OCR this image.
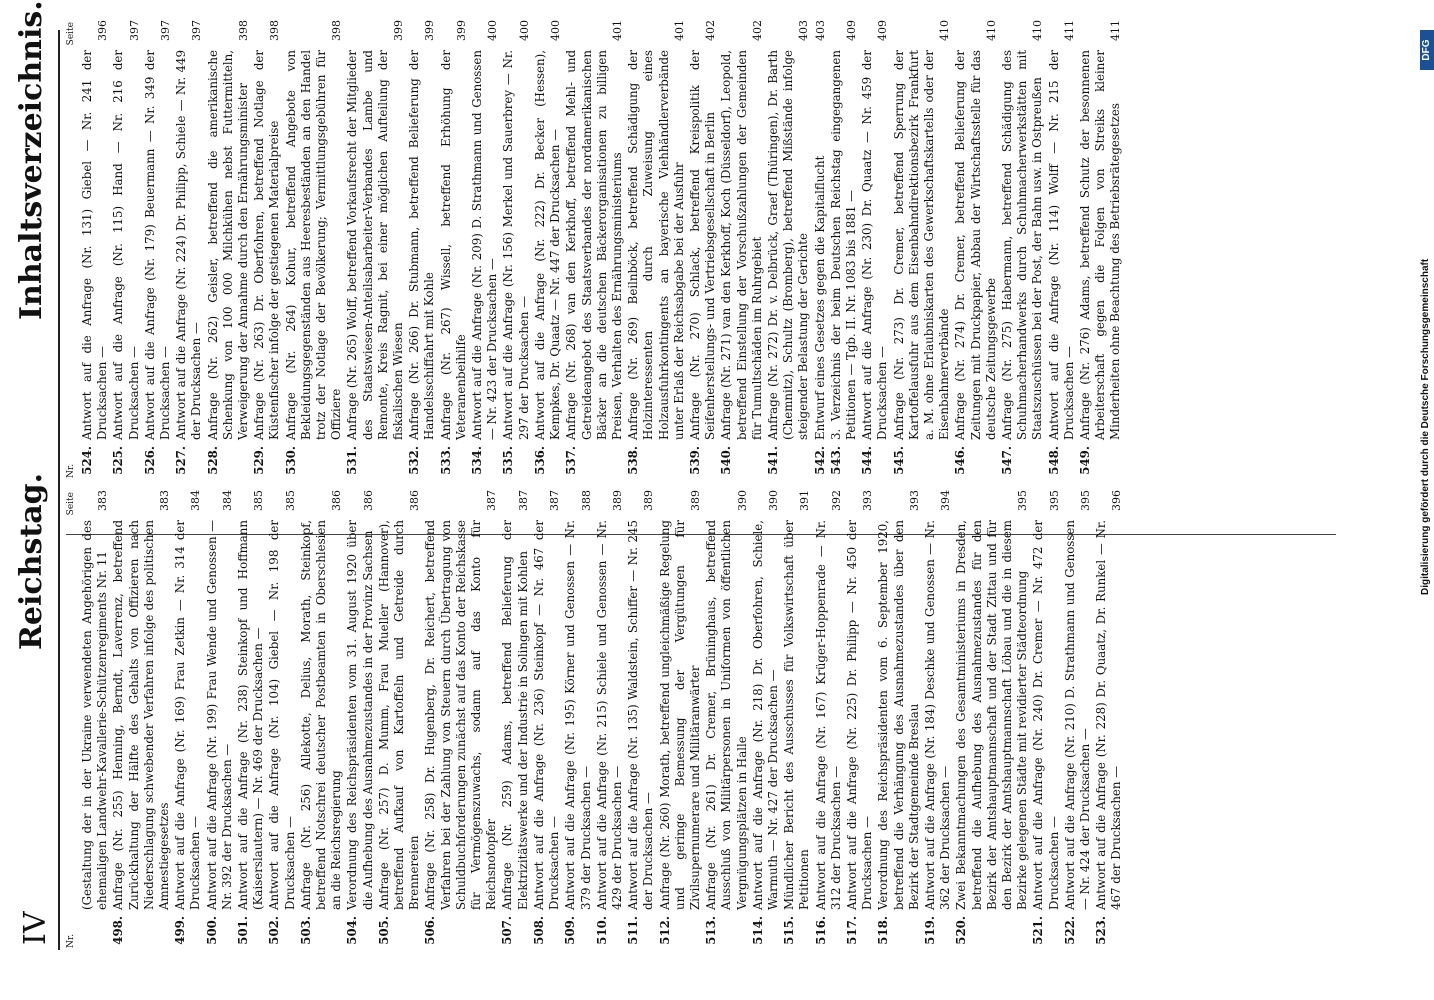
IV
Reichstag.
Inhaltsverzeichnis.
Nr.
Seite
(Gestaltung der in der Ukraine verwendeten Angehörigen des ehemaligen Landwehr-Kavallerie-Schützenregiments Nr. 11
383
498.
Anfrage (Nr. 255) Henning, Berndt, Laverrenz, betreffend Zurückhaltung der Hälfte des Gehalts von Offizieren nach Niederschlagung schwebender Verfahren infolge des politischen Amnestiegesetzes
383
499.
Antwort auf die Anfrage (Nr. 169) Frau Zetkin — Nr. 314 der Drucksachen —
384
500.
Antwort auf die Anfrage (Nr. 199) Frau Wende und Genossen — Nr. 392 der Drucksachen —
384
501.
Antwort auf die Anfrage (Nr. 238) Steinkopf und Hoffmann (Kaiserslautern) — Nr. 469 der Drucksachen —
385
502.
Antwort auf die Anfrage (Nr. 104) Giebel — Nr. 198 der Drucksachen —
385
503.
Anfrage (Nr. 256) Allekotte, Delius, Morath, Steinkopf, betreffend Notschrei deutscher Postbeamten in Oberschlesien an die Reichsregierung
386
504.
Verordnung des Reichspräsidenten vom 31. August 1920 über die Aufhebung des Ausnahmezustandes in der Provinz Sachsen
386
505.
Anfrage (Nr. 257) D. Mumm, Frau Mueller (Hannover), betreffend Aufkauf von Kartoffeln und Getreide durch Brennereien
386
506.
Anfrage (Nr. 258) Dr. Hugenberg, Dr. Reichert, betreffend Verfahren bei der Zahlung von Steuern durch Übertragung von Schuldbuchforderungen zunächst auf das Konto der Reichskasse für Vermögenszuwachs, sodann auf das Konto für Reichsnotopfer
387
507.
Anfrage (Nr. 259) Adams, betreffend Belieferung der Elektrizitätswerke und der Industrie in Solingen mit Kohlen
387
508.
Antwort auf die Anfrage (Nr. 236) Steinkopf — Nr. 467 der Drucksachen —
387
509.
Antwort auf die Anfrage (Nr. 195) Körner und Genossen — Nr. 379 der Drucksachen —
388
510.
Antwort auf die Anfrage (Nr. 215) Schiele und Genossen — Nr. 429 der Drucksachen —
389
511.
Antwort auf die Anfrage (Nr. 135) Waldstein, Schiffer — Nr. 245 der Drucksachen —
389
512.
Anfrage (Nr. 260) Morath, betreffend ungleichmäßige Regelung und geringe Bemessung der Vergütungen für Zivilsupernumerare und Militäranwärter
389
513.
Anfrage (Nr. 261) Dr. Cremer, Brüninghaus, betreffend Ausschluß von Militärpersonen in Uniformen von öffentlichen Vergnügungsplätzen in Halle
390
514.
Antwort auf die Anfrage (Nr. 218) Dr. Oberfohren, Schiele, Warmuth — Nr. 427 der Drucksachen —
390
515.
Mündlicher Bericht des Ausschusses für Volkswirtschaft über Petitionen
391
516.
Antwort auf die Anfrage (Nr. 167) Krüger-Hoppenrade — Nr. 312 der Drucksachen —
392
517.
Antwort auf die Anfrage (Nr. 225) Dr. Philipp — Nr. 450 der Drucksachen —
393
518.
Verordnung des Reichspräsidenten vom 6. September 1920, betreffend die Verhängung des Ausnahmezustandes über den Bezirk der Stadtgemeinde Breslau
393
519.
Antwort auf die Anfrage (Nr. 184) Deschke und Genossen — Nr. 362 der Drucksachen —
394
520.
Zwei Bekanntmachungen des Gesamtministeriums in Dresden, betreffend die Aufhebung des Ausnahmezustandes für den Bezirk der Amtshauptmannschaft und der Stadt Zittau und für den Bezirk der Amtshauptmannschaft Löbau und die in diesem Bezirke gelegenen Städte mit revidierter Städteordnung
395
521.
Antwort auf die Anfrage (Nr. 240) Dr. Cremer — Nr. 472 der Drucksachen —
395
522.
Antwort auf die Anfrage (Nr. 210) D. Strathmann und Genossen — Nr. 424 der Drucksachen —
395
523.
Antwort auf die Anfrage (Nr. 228) Dr. Quaatz, Dr. Runkel — Nr. 467 der Drucksachen —
396
Nr.
Seite
524.
Antwort auf die Anfrage (Nr. 131) Giebel — Nr. 241 der Drucksachen —
396
525.
Antwort auf die Anfrage (Nr. 115) Hand — Nr. 216 der Drucksachen —
397
526.
Antwort auf die Anfrage (Nr. 179) Beuermann — Nr. 349 der Drucksachen —
397
527.
Antwort auf die Anfrage (Nr. 224) Dr. Philipp, Schiele — Nr. 449 der Drucksachen —
397
528.
Anfrage (Nr. 262) Geisler, betreffend die amerikanische Schenkung von 100 000 Milchkühen nebst Futtermitteln, Verweigerung der Annahme durch den Ernährungsminister
398
529.
Anfrage (Nr. 263) Dr. Oberfohren, betreffend Notlage der Küstenfischer infolge der gestiegenen Materialpreise
398
530.
Anfrage (Nr. 264) Kohur, betreffend Angebote von Bekleidungsgegenständen aus Heeresbeständen an den Handel trotz der Notlage der Bevölkerung; Vermittlungsgebühren für Offiziere
398
531.
Anfrage (Nr. 265) Wolff, betreffend Vorkaufsrecht der Mitglieder des Staatswiesen-Anteilsabarbeiter-Verbandes Lambe und Remonte, Kreis Ragnit, bei einer möglichen Aufteilung der fiskalischen Wiesen
399
532.
Anfrage (Nr. 266) Dr. Stubmann, betreffend Belieferung der Handelsschiffahrt mit Kohle
399
533.
Anfrage (Nr. 267) Wissell, betreffend Erhöhung der Veteranenbeihilfe
399
534.
Antwort auf die Anfrage (Nr. 209) D. Strathmann und Genossen — Nr. 423 der Drucksachen —
400
535.
Antwort auf die Anfrage (Nr. 156) Merkel und Sauerbrey — Nr. 297 der Drucksachen —
400
536.
Antwort auf die Anfrage (Nr. 222) Dr. Becker (Hessen), Kempkes, Dr. Quaatz — Nr. 447 der Drucksachen —
400
537.
Anfrage (Nr. 268) van den Kerkhoff, betreffend Mehl- und Getreideangebot des Staatsverbandes der nordamerikanischen Bäcker an die deutschen Bäckerorganisationen zu billigen Preisen, Verhalten des Ernährungsministeriums
401
538.
Anfrage (Nr. 269) Beilnböck, betreffend Schädigung der Holzinteressenten durch Zuweisung eines Holzausfuhrkontingents an bayerische Viehhändlerverbände unter Erlaß der Reichsabgabe bei der Ausfuhr
401
539.
Anfrage (Nr. 270) Schlack, betreffend Kreispolitik der Seifenherstellungs- und Vertriebsgesellschaft in Berlin
402
540.
Anfrage (Nr. 271) van den Kerkhoff, Koch (Düsseldorf), Leopold, betreffend Einstellung der Vorschußzahlungen der Gemeinden für Tumultschäden im Ruhrgebiet
402
541.
Anfrage (Nr. 272) Dr. v. Delbrück, Graef (Thüringen), Dr. Barth (Chemnitz), Schultz (Bromberg), betreffend Mißstände infolge steigender Belastung der Gerichte
403
542.
Entwurf eines Gesetzes gegen die Kapitalflucht
403
543.
3. Verzeichnis der beim Deutschen Reichstag eingegangenen Petitionen — Tgb. II. Nr. 1083 bis 1881 —
409
544.
Antwort auf die Anfrage (Nr. 230) Dr. Quaatz — Nr. 459 der Drucksachen —
409
545.
Anfrage (Nr. 273) Dr. Cremer, betreffend Sperrung der Kartoffelausfuhr aus dem Eisenbahndirektionsbezirk Frankfurt a. M. ohne Erlaubniskarten des Gewerkschaftskartells oder der Eisenbahnerverbände
410
546.
Anfrage (Nr. 274) Dr. Cremer, betreffend Belieferung der Zeitungen mit Druckpapier, Abbau der Wirtschaftsstelle für das deutsche Zeitungsgewerbe
410
547.
Anfrage (Nr. 275) Habermann, betreffend Schädigung des Schuhmacherhandwerks durch Schuhmacherwerkstätten mit Staatszuschüssen bei der Post, der Bahn usw. in Ostpreußen
410
548.
Antwort auf die Anfrage (Nr. 114) Wolff — Nr. 215 der Drucksachen —
411
549.
Anfrage (Nr. 276) Adams, betreffend Schutz der besonnenen Arbeiterschaft gegen die Folgen von Streiks kleiner Minderheiten ohne Beachtung des Betriebsrätegesetzes
411
Digitalisierung gefördert durch die Deutsche Forschungsgemeinschaft
DFG
